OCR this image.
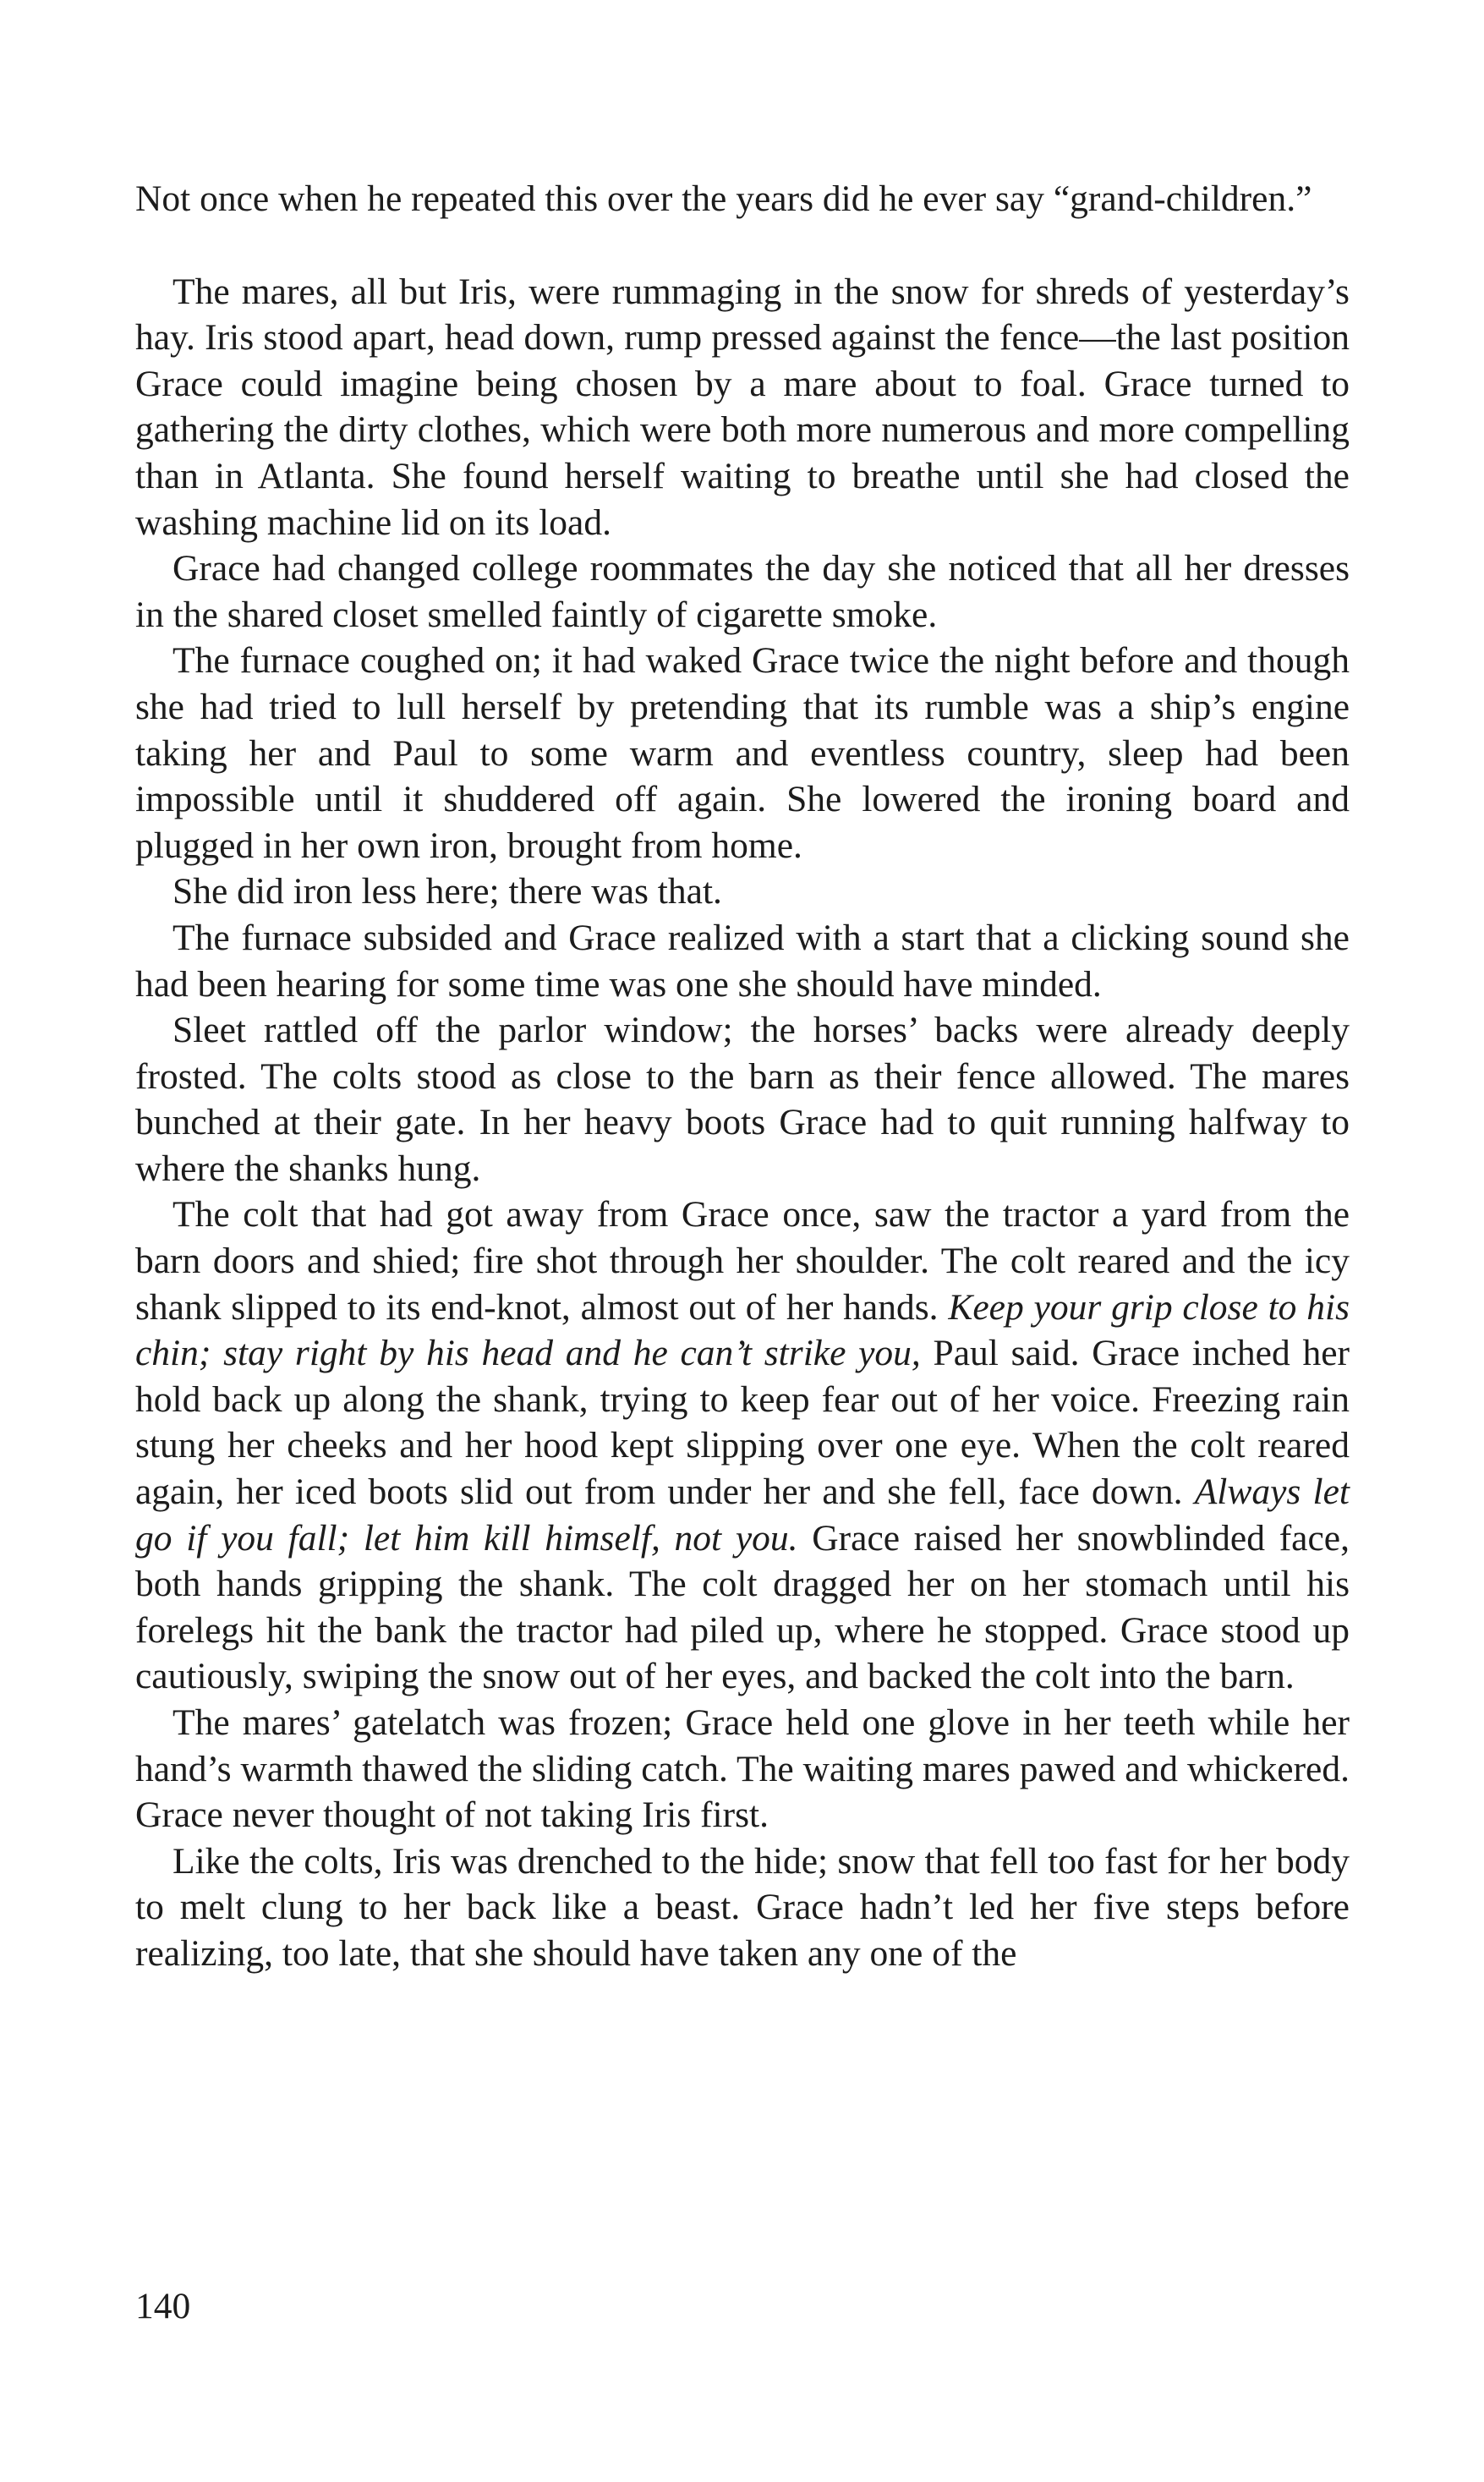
Not once when he repeated this over the years did he ever say “grand-children.”

The mares, all but Iris, were rummaging in the snow for shreds of yesterday’s hay. Iris stood apart, head down, rump pressed against the fence—the last position Grace could imagine being chosen by a mare about to foal. Grace turned to gathering the dirty clothes, which were both more numerous and more compelling than in Atlanta. She found herself waiting to breathe until she had closed the washing machine lid on its load.

Grace had changed college roommates the day she noticed that all her dresses in the shared closet smelled faintly of cigarette smoke.

The furnace coughed on; it had waked Grace twice the night before and though she had tried to lull herself by pretending that its rumble was a ship’s engine taking her and Paul to some warm and eventless country, sleep had been impossible until it shuddered off again. She lowered the ironing board and plugged in her own iron, brought from home.

She did iron less here; there was that.

The furnace subsided and Grace realized with a start that a clicking sound she had been hearing for some time was one she should have minded.

Sleet rattled off the parlor window; the horses’ backs were already deeply frosted. The colts stood as close to the barn as their fence allowed. The mares bunched at their gate. In her heavy boots Grace had to quit running halfway to where the shanks hung.

The colt that had got away from Grace once, saw the tractor a yard from the barn doors and shied; fire shot through her shoulder. The colt reared and the icy shank slipped to its end-knot, almost out of her hands. Keep your grip close to his chin; stay right by his head and he can’t strike you, Paul said. Grace inched her hold back up along the shank, trying to keep fear out of her voice. Freezing rain stung her cheeks and her hood kept slipping over one eye. When the colt reared again, her iced boots slid out from under her and she fell, face down. Always let go if you fall; let him kill himself, not you. Grace raised her snowblinded face, both hands gripping the shank. The colt dragged her on her stomach until his forelegs hit the bank the tractor had piled up, where he stopped. Grace stood up cautiously, swiping the snow out of her eyes, and backed the colt into the barn.

The mares’ gatelatch was frozen; Grace held one glove in her teeth while her hand’s warmth thawed the sliding catch. The waiting mares pawed and whickered. Grace never thought of not taking Iris first.

Like the colts, Iris was drenched to the hide; snow that fell too fast for her body to melt clung to her back like a beast. Grace hadn’t led her five steps before realizing, too late, that she should have taken any one of the

140
